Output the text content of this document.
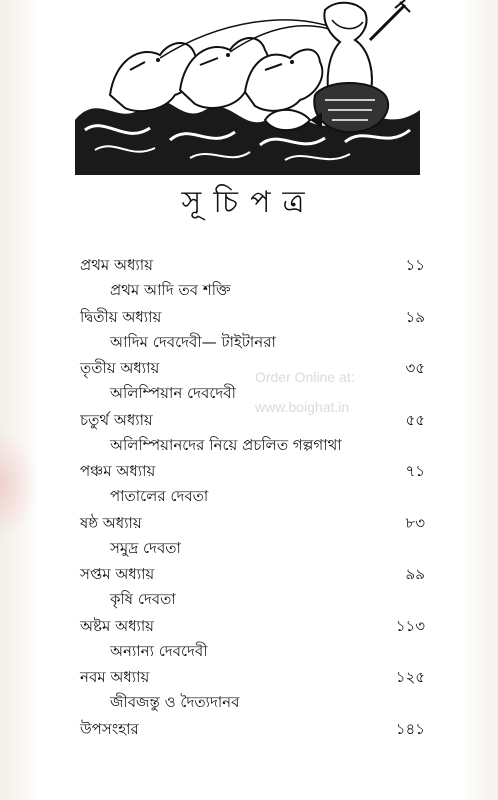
সূচিপত্র
প্রথম অধ্যায়	১১
প্রথম আদি তব শক্তি
দ্বিতীয় অধ্যায়	১৯
আদিম দেবদেবী— টাইটানরা
তৃতীয় অধ্যায়	৩৫
অলিম্পিয়ান দেবদেবী
চতুর্থ অধ্যায়	৫৫
অলিম্পিয়ানদের নিয়ে প্রচলিত গল্পগাথা
পঞ্চম অধ্যায়	৭১
পাতালের দেবতা
ষষ্ঠ অধ্যায়	৮৩
সমুদ্র দেবতা
সপ্তম অধ্যায়	৯৯
কৃষি দেবতা
অষ্টম অধ্যায়	১১৩
অন্যান্য দেবদেবী
নবম অধ্যায়	১২৫
জীবজন্তু ও দৈত্যদানব
উপসংহার	১৪১
Order Online at:
www.boighat.in
